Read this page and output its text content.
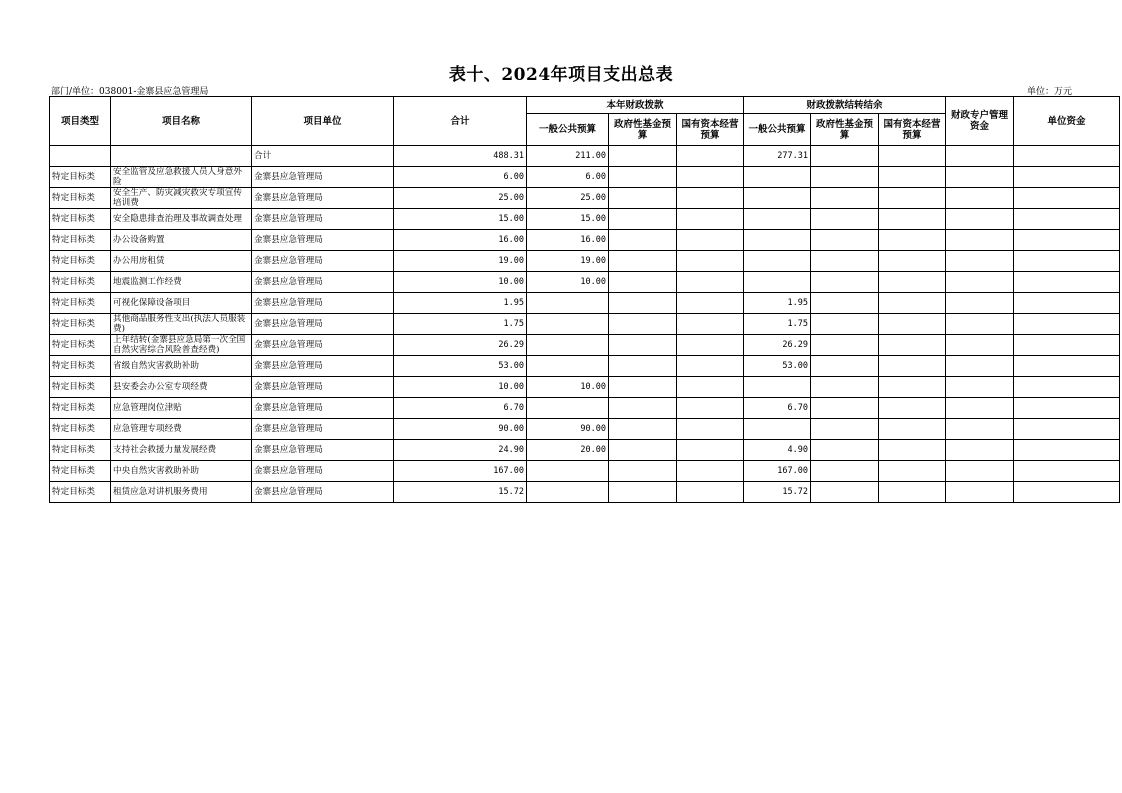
表十、2024年项目支出总表
部门/单位：038001-金寨县应急管理局	单位：万元
项目类型	项目名称	项目单位	合计	本年财政拨款			财政拨款结转结余			财政专户管理资金	单位资金
				一般公共预算	政府性基金预算	国有资本经营预算	一般公共预算	政府性基金预算	国有资本经营预算		
		合计	488.31	211.00			277.31				
特定目标类	安全监管及应急救援人员人身意外险	金寨县应急管理局	6.00	6.00							
特定目标类	安全生产、防灾减灾救灾专项宣传培训费	金寨县应急管理局	25.00	25.00							
特定目标类	安全隐患排查治理及事故调查处理	金寨县应急管理局	15.00	15.00							
特定目标类	办公设备购置	金寨县应急管理局	16.00	16.00							
特定目标类	办公用房租赁	金寨县应急管理局	19.00	19.00							
特定目标类	地震监测工作经费	金寨县应急管理局	10.00	10.00							
特定目标类	可视化保障设备项目	金寨县应急管理局	1.95				1.95				
特定目标类	其他商品服务性支出(执法人员服装费)	金寨县应急管理局	1.75				1.75				
特定目标类	上年结转(金寨县应急局第一次全国自然灾害综合风险普查经费)	金寨县应急管理局	26.29				26.29				
特定目标类	省级自然灾害救助补助	金寨县应急管理局	53.00				53.00				
特定目标类	县安委会办公室专项经费	金寨县应急管理局	10.00	10.00							
特定目标类	应急管理岗位津贴	金寨县应急管理局	6.70				6.70				
特定目标类	应急管理专项经费	金寨县应急管理局	90.00	90.00							
特定目标类	支持社会救援力量发展经费	金寨县应急管理局	24.90	20.00			4.90				
特定目标类	中央自然灾害救助补助	金寨县应急管理局	167.00				167.00				
特定目标类	租赁应急对讲机服务费用	金寨县应急管理局	15.72				15.72				
